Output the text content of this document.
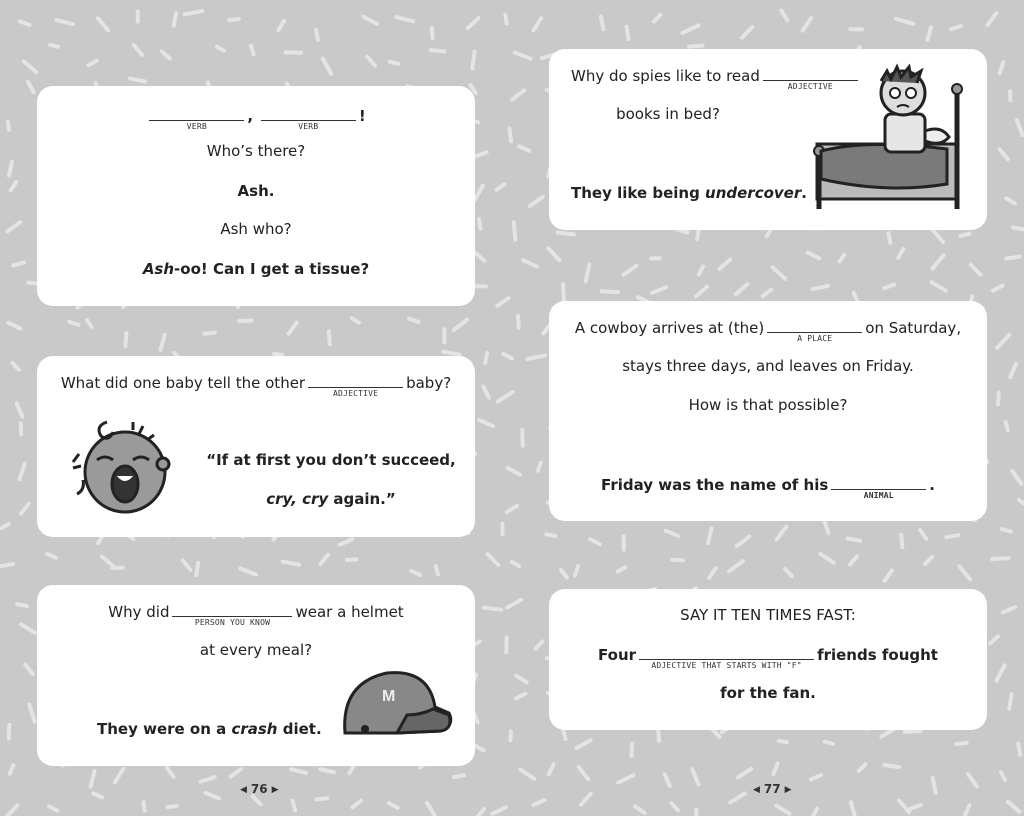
VERB
,
VERB
!
Who’s there?
Ash.
Ash who?
Ash-oo! Can I get a tissue?
What did one baby tell the other
ADJECTIVE
baby?
“If at first you don’t succeed,
cry, cry again.”
Why did
PERSON YOU KNOW
wear a helmet
at every meal?
They were on a crash diet.
M
◀ 76 ▶
Why do spies like to read
ADJECTIVE
books in bed?
They like being undercover.
A cowboy arrives at (the)
A PLACE
on Saturday,
stays three days, and leaves on Friday.
How is that possible?
Friday was the name of his
ANIMAL
.
SAY IT TEN TIMES FAST:
Four
ADJECTIVE THAT STARTS WITH "F"
friends fought
for the fan.
◀ 77 ▶
